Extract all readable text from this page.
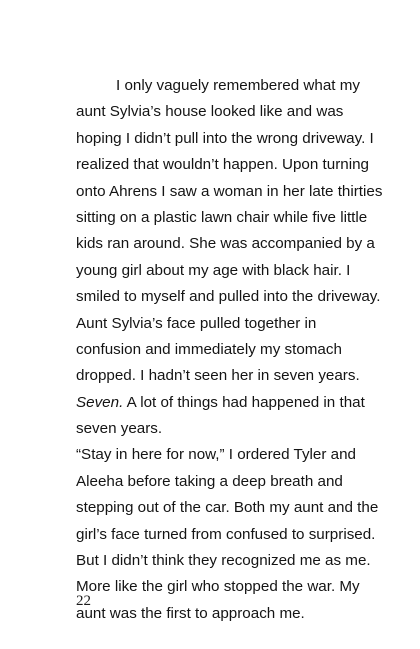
I only vaguely remembered what my
aunt Sylvia’s house looked like and was
hoping I didn’t pull into the wrong driveway. I
realized that wouldn’t happen. Upon turning
onto Ahrens I saw a woman in her late thirties
sitting on a plastic lawn chair while five little
kids ran around. She was accompanied by a
young girl about my age with black hair. I
smiled to myself and pulled into the driveway.
Aunt Sylvia’s face pulled together in
confusion and immediately my stomach
dropped. I hadn’t seen her in seven years.
Seven. A lot of things had happened in that
seven years.
“Stay in here for now,” I ordered Tyler and
Aleeha before taking a deep breath and
stepping out of the car. Both my aunt and the
girl’s face turned from confused to surprised.
But I didn’t think they recognized me as me.
More like the girl who stopped the war. My
aunt was the first to approach me.
22
